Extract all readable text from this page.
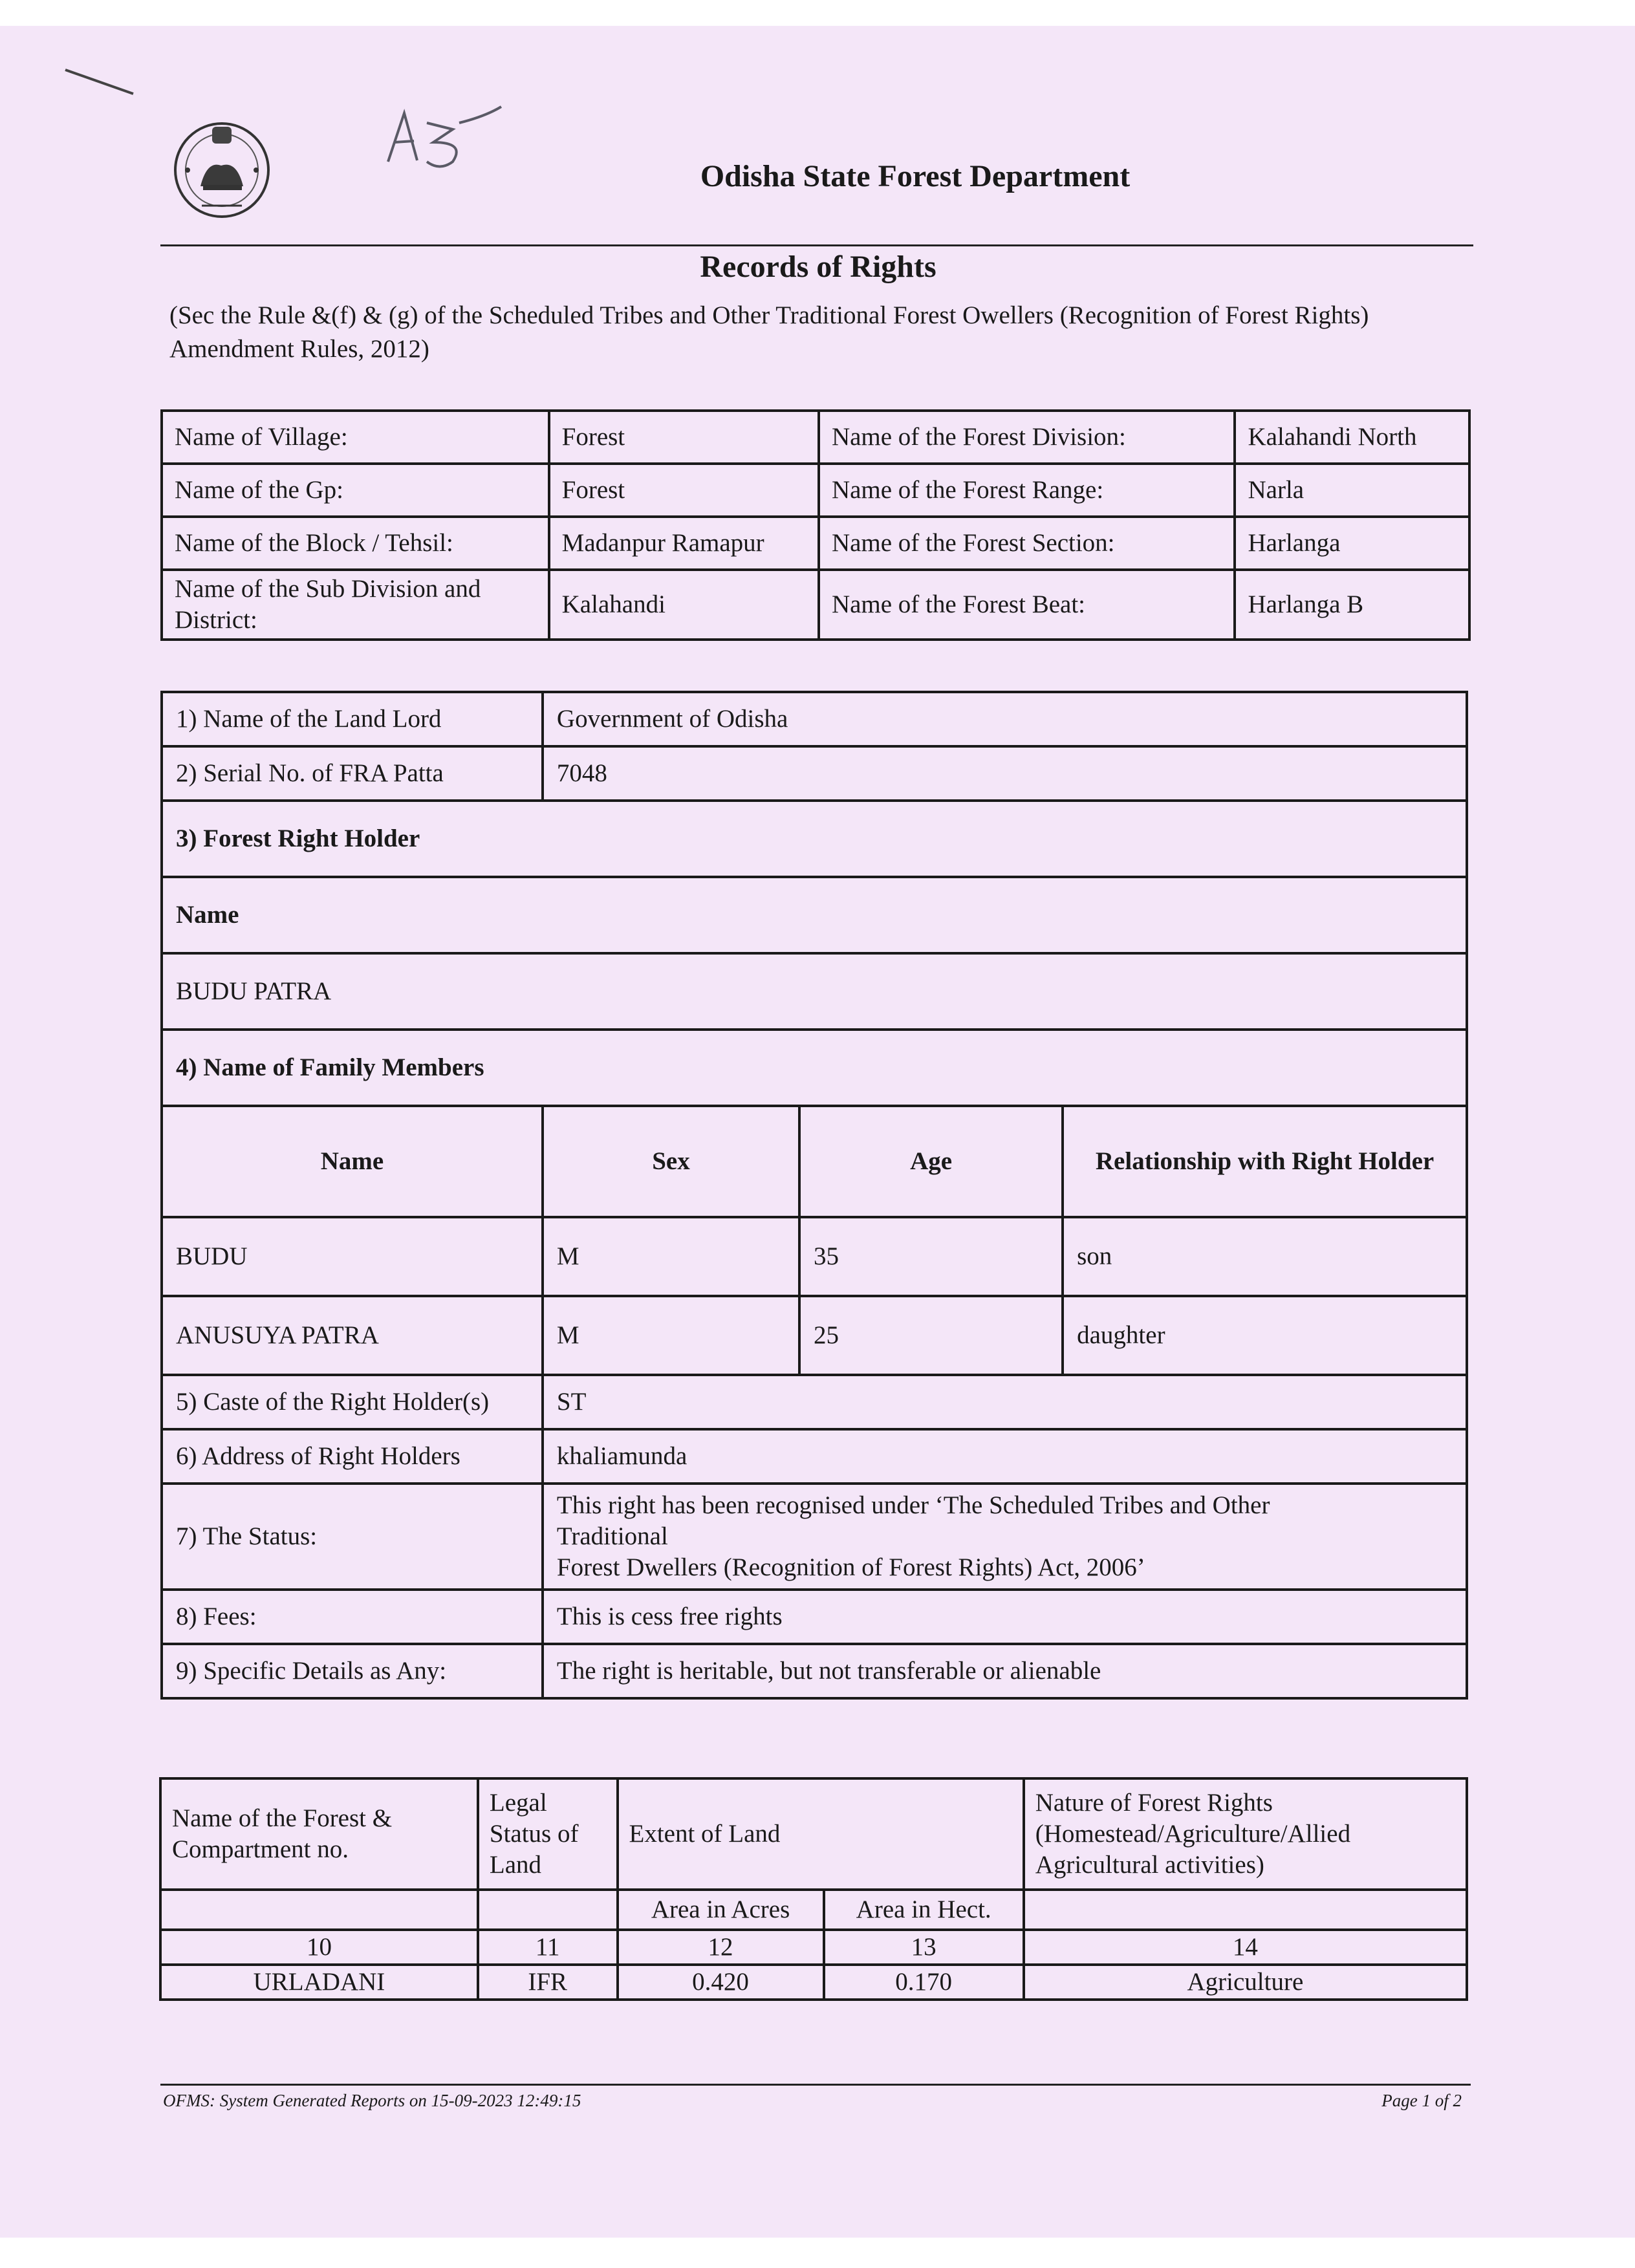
Odisha State Forest Department
Records of Rights
(Sec the Rule &(f) & (g) of the Scheduled Tribes and Other Traditional Forest Owellers (Recognition of Forest Rights) Amendment Rules, 2012)
Name of Village:	Forest	Name of the Forest Division:	Kalahandi North
Name of the Gp:	Forest	Name of the Forest Range:	Narla
Name of the Block / Tehsil:	Madanpur Ramapur	Name of the Forest Section:	Harlanga
Name of the Sub Division and District:	Kalahandi	Name of the Forest Beat:	Harlanga B
1) Name of the Land Lord	Government of Odisha		
2) Serial No. of FRA Patta	7048		
3) Forest Right Holder			
Name			
BUDU PATRA			
4) Name of Family Members			
Name	Sex	Age	Relationship with Right Holder
BUDU	M	35	son
ANUSUYA PATRA	M	25	daughter
5) Caste of the Right Holder(s)	ST		
6) Address of Right Holders	khaliamunda		
7) The Status:	This right has been recognised under ‘The Scheduled Tribes and Other
Traditional
Forest Dwellers (Recognition of Forest Rights) Act, 2006’		

8) Fees:	This is cess free rights		
9) Specific Details as Any:	The right is heritable, but not transferable or alienable		
Name of the Forest & Compartment no.	Legal Status of Land	Extent of Land		Nature of Forest Rights (Homestead/Agriculture/Allied Agricultural activities)
		Area in Acres	Area in Hect.	
10	11	12	13	14
URLADANI	IFR	0.420	0.170	Agriculture
OFMS: System Generated Reports on 15-09-2023 12:49:15	Page 1 of 2
